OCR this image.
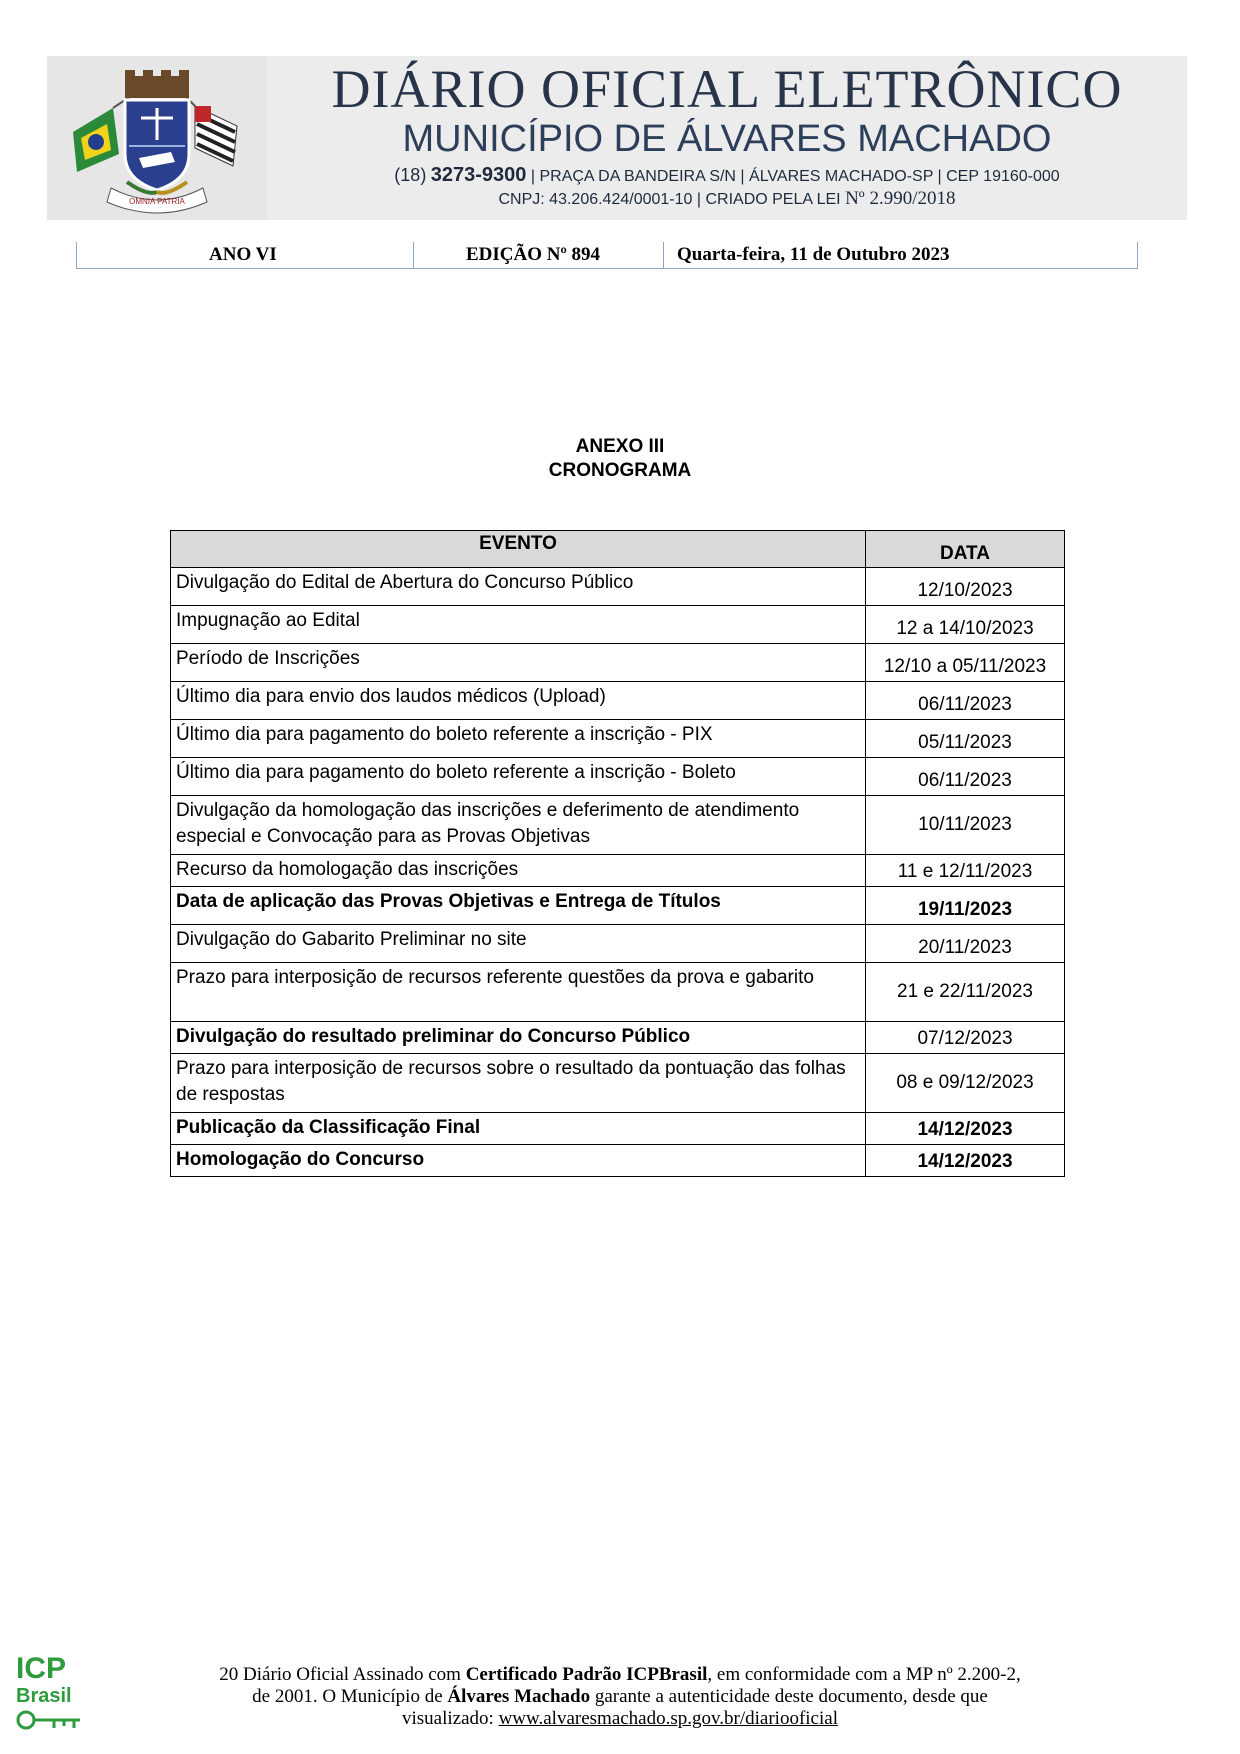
OMNIA PATRIA
DIÁRIO OFICIAL ELETRÔNICO
MUNICÍPIO DE ÁLVARES MACHADO
(18) 3273-9300 | PRAÇA DA BANDEIRA S/N | ÁLVARES MACHADO-SP | CEP 19160-000
CNPJ: 43.206.424/0001-10 | CRIADO PELA LEI Nº 2.990/2018
ANO VI	EDIÇÃO Nº 894	Quarta-feira, 11 de Outubro 2023
ANEXO III
CRONOGRAMA
EVENTO	DATA
Divulgação do Edital de Abertura do Concurso Público	12/10/2023
Impugnação ao Edital	12 a 14/10/2023
Período de Inscrições	12/10 a 05/11/2023
Último dia para envio dos laudos médicos (Upload)	06/11/2023
Último dia para pagamento do boleto referente a inscrição - PIX	05/11/2023
Último dia para pagamento do boleto referente a inscrição - Boleto	06/11/2023
Divulgação da homologação das inscrições e deferimento de atendimento especial e Convocação para as Provas Objetivas	10/11/2023
Recurso da homologação das inscrições	11 e 12/11/2023
Data de aplicação das Provas Objetivas e Entrega de Títulos	19/11/2023
Divulgação do Gabarito Preliminar no site	20/11/2023
Prazo para interposição de recursos referente questões da prova e gabarito	21 e 22/11/2023
Divulgação do resultado preliminar do Concurso Público	07/12/2023
Prazo para interposição de recursos sobre o resultado da pontuação das folhas de respostas	08 e 09/12/2023
Publicação da Classificação Final	14/12/2023
Homologação do Concurso	14/12/2023
ICP
Brasil
20 Diário Oficial Assinado com Certificado Padrão ICPBrasil, em conformidade com a MP nº 2.200-2,
de 2001. O Município de Álvares Machado garante a autenticidade deste documento, desde que
visualizado: www.alvaresmachado.sp.gov.br/diariooficial
